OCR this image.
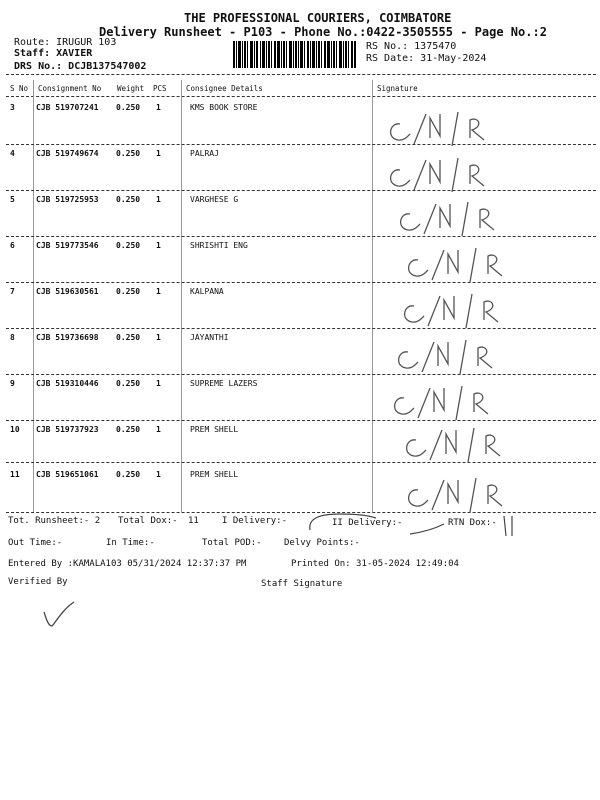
THE PROFESSIONAL COURIERS, COIMBATORE
Delivery Runsheet - P103 - Phone No.:0422-3505555 - Page No.:2
Route: IRUGUR 103
Staff: XAVIER
DRS No.: DCJB137547002
RS No.: 1375470
RS Date: 31-May-2024
S No Consignment No Weight PCS	Consignee Details	Signature
3	CJB 519707241 0.250 1	KMS BOOK STORE
4	CJB 519749674 0.250 1	PALRAJ
5	CJB 519725953 0.250 1	VARGHESE G
6	CJB 519773546 0.250 1	SHRISHTI ENG
7	CJB 519630561 0.250 1	KALPANA
8	CJB 519736698 0.250 1	JAYANTHI
9	CJB 519310446 0.250 1	SUPREME LAZERS
10 CJB 519737923 0.250 1	PREM SHELL
11 CJB 519651061 0.250 1	PREM SHELL
Tot. Runsheet:- 2 Total Dox:- 11	I Delivery:-	II Delivery:-	RTN Dox:-
Out Time:-	In Time:-	Total POD:- Delvy Points:-
Entered By :KAMALA103 05/31/2024 12:37:37 PM	Printed On: 31-05-2024 12:49:04
Verified By	Staff Signature
